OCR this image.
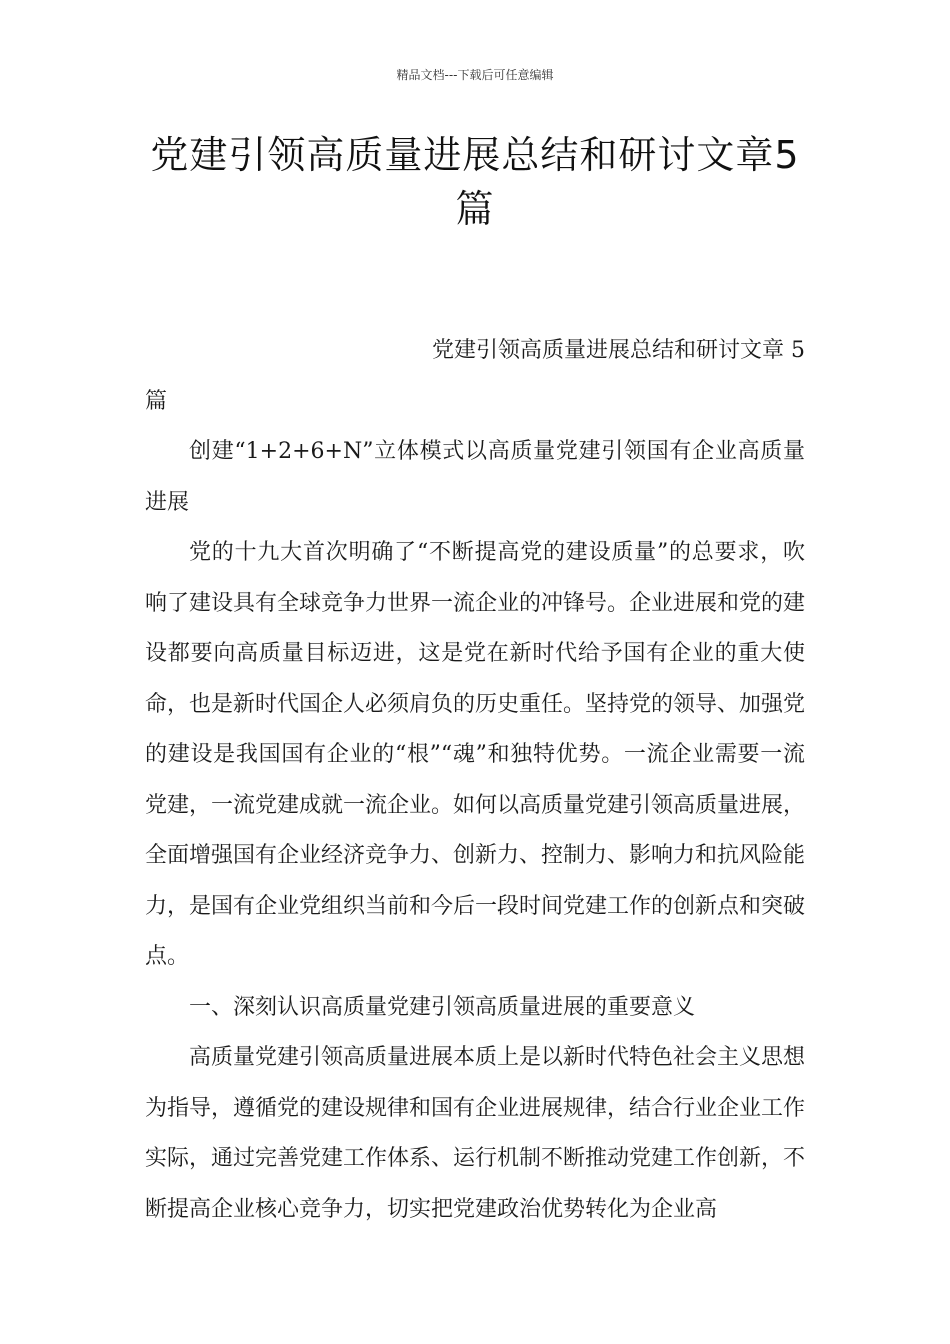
精品文档---下载后可任意编辑
党建引领高质量进展总结和研讨文章5
篇

党建引领高质量进展总结和研讨文章 5

篇

创建“1+2+6+N”立体模式以高质量党建引领国有企业高质量进展

党的十九大首次明确了“不断提高党的建设质量”的总要求，吹响了建设具有全球竞争力世界一流企业的冲锋号。企业进展和党的建设都要向高质量目标迈进，这是党在新时代给予国有企业的重大使命，也是新时代国企人必须肩负的历史重任。坚持党的领导、加强党的建设是我国国有企业的“根”“魂”和独特优势。一流企业需要一流党建，一流党建成就一流企业。如何以高质量党建引领高质量进展，全面增强国有企业经济竞争力、创新力、控制力、影响力和抗风险能力，是国有企业党组织当前和今后一段时间党建工作的创新点和突破点。

一、深刻认识高质量党建引领高质量进展的重要意义

高质量党建引领高质量进展本质上是以新时代特色社会主义思想为指导，遵循党的建设规律和国有企业进展规律，结合行业企业工作实际，通过完善党建工作体系、运行机制不断推动党建工作创新，不断提高企业核心竞争力，切实把党建政治优势转化为企业高
